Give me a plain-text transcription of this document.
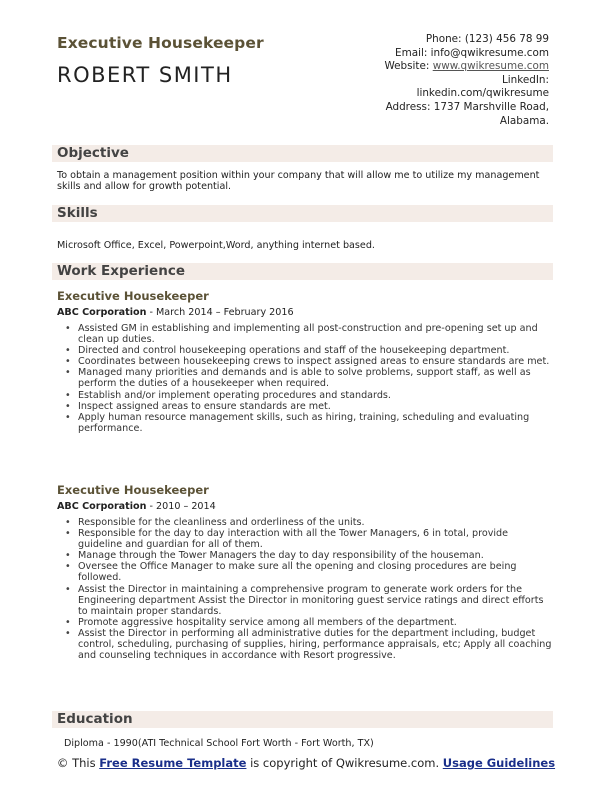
Executive Housekeeper
ROBERT SMITH
Phone: (123) 456 78 99
Email: info@qwikresume.com
Website: www.qwikresume.com
LinkedIn:
linkedin.com/qwikresume
Address: 1737 Marshville Road,
Alabama.
Objective
To obtain a management position within your company that will allow me to utilize my management skills and allow for growth potential.
Skills
Microsoft Office, Excel, Powerpoint,Word, anything internet based.
Work Experience
Executive Housekeeper
ABC Corporation - March 2014 – February 2016
• Assisted GM in establishing and implementing all post-construction and pre-opening set up and clean up duties.
• Directed and control housekeeping operations and staff of the housekeeping department.
• Coordinates between housekeeping crews to inspect assigned areas to ensure standards are met.
• Managed many priorities and demands and is able to solve problems, support staff, as well as perform the duties of a housekeeper when required.
• Establish and/or implement operating procedures and standards.
• Inspect assigned areas to ensure standards are met.
• Apply human resource management skills, such as hiring, training, scheduling and evaluating performance.
Executive Housekeeper
ABC Corporation - 2010 – 2014
• Responsible for the cleanliness and orderliness of the units.
• Responsible for the day to day interaction with all the Tower Managers, 6 in total, provide guideline and guardian for all of them.
• Manage through the Tower Managers the day to day responsibility of the houseman.
• Oversee the Office Manager to make sure all the opening and closing procedures are being followed.
• Assist the Director in maintaining a comprehensive program to generate work orders for the Engineering department Assist the Director in monitoring guest service ratings and direct efforts to maintain proper standards.
• Promote aggressive hospitality service among all members of the department.
• Assist the Director in performing all administrative duties for the department including, budget control, scheduling, purchasing of supplies, hiring, performance appraisals, etc; Apply all coaching and counseling techniques in accordance with Resort progressive.
Education
Diploma - 1990(ATI Technical School Fort Worth - Fort Worth, TX)
© This Free Resume Template is copyright of Qwikresume.com. Usage Guidelines
